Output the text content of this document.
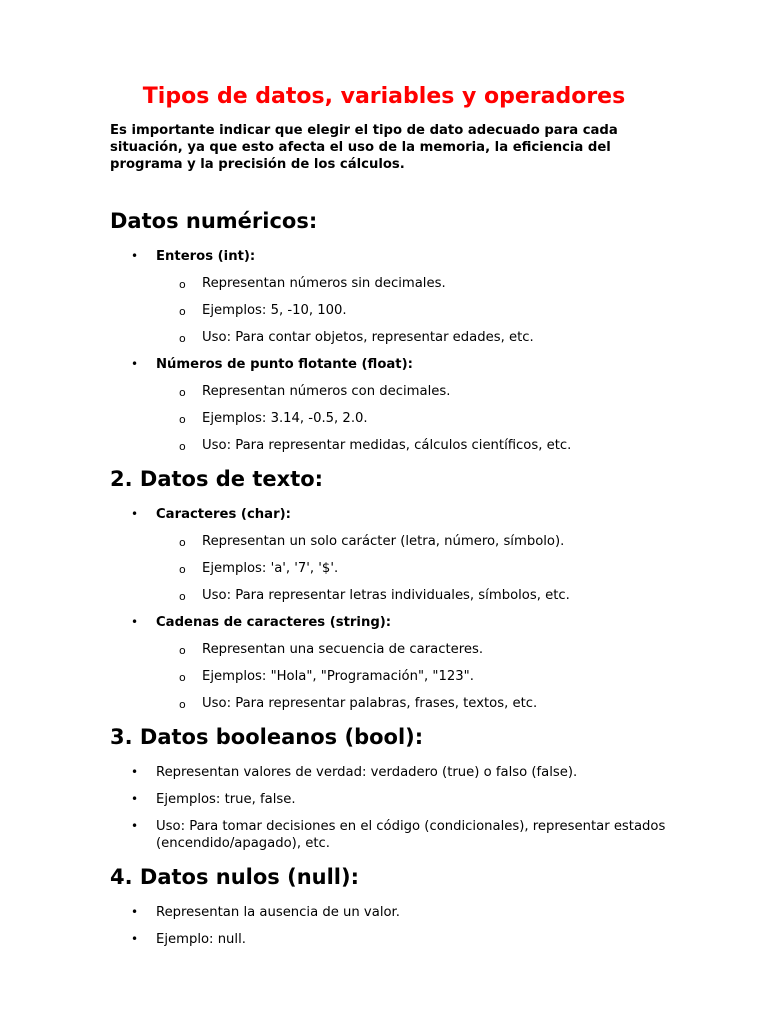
Tipos de datos, variables y operadores

Es importante indicar que elegir el tipo de dato adecuado para cada situación, ya que esto afecta el uso de la memoria, la eficiencia del programa y la precisión de los cálculos.

Datos numéricos:
• Enteros (int):
o Representan números sin decimales.
o Ejemplos: 5, -10, 100.
o Uso: Para contar objetos, representar edades, etc.
• Números de punto flotante (float):
o Representan números con decimales.
o Ejemplos: 3.14, -0.5, 2.0.
o Uso: Para representar medidas, cálculos científicos, etc.
2. Datos de texto:
• Caracteres (char):
o Representan un solo carácter (letra, número, símbolo).
o Ejemplos: 'a', '7', '$'.
o Uso: Para representar letras individuales, símbolos, etc.
• Cadenas de caracteres (string):
o Representan una secuencia de caracteres.
o Ejemplos: "Hola", "Programación", "123".
o Uso: Para representar palabras, frases, textos, etc.
3. Datos booleanos (bool):
• Representan valores de verdad: verdadero (true) o falso (false).
• Ejemplos: true, false.
• Uso: Para tomar decisiones en el código (condicionales), representar estados (encendido/apagado), etc.
4. Datos nulos (null):
• Representan la ausencia de un valor.
• Ejemplo: null.
